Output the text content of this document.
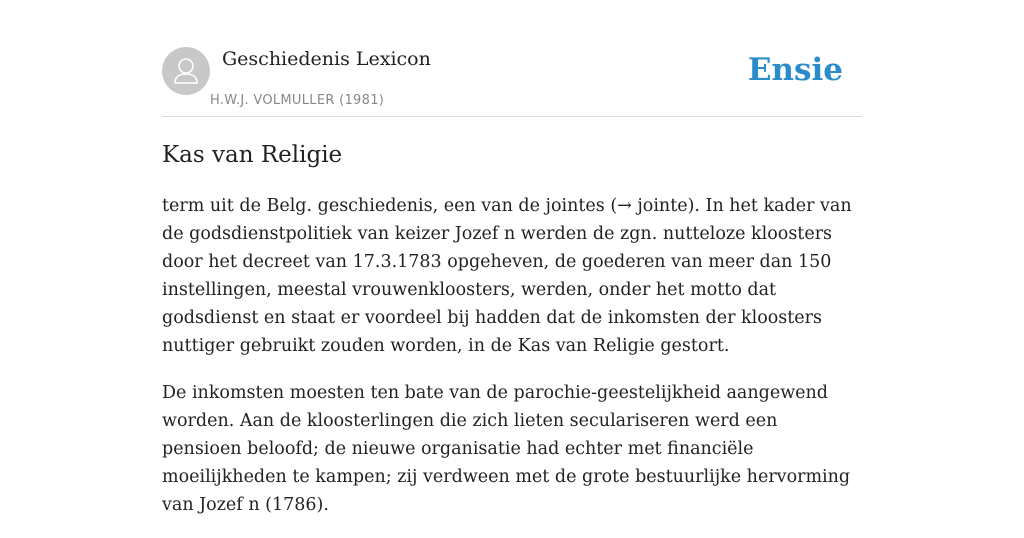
Geschiedenis Lexicon
H.W.J. VOLMULLER (1981)
Ensie
Kas van Religie

term uit de Belg. geschiedenis, een van de jointes (→ jointe). In het kader van de godsdienstpolitiek van keizer Jozef n werden de zgn. nutteloze kloosters door het decreet van 17.3.1783 opgeheven, de goederen van meer dan 150 instellingen, meestal vrouwenkloosters, werden, onder het motto dat godsdienst en staat er voordeel bij hadden dat de inkomsten der kloosters nuttiger gebruikt zouden worden, in de Kas van Religie gestort.

De inkomsten moesten ten bate van de parochie-geestelijkheid aangewend worden. Aan de kloosterlingen die zich lieten seculariseren werd een pensioen beloofd; de nieuwe organisatie had echter met financiële moeilijkheden te kampen; zij verdween met de grote bestuurlijke hervorming van Jozef n (1786).
